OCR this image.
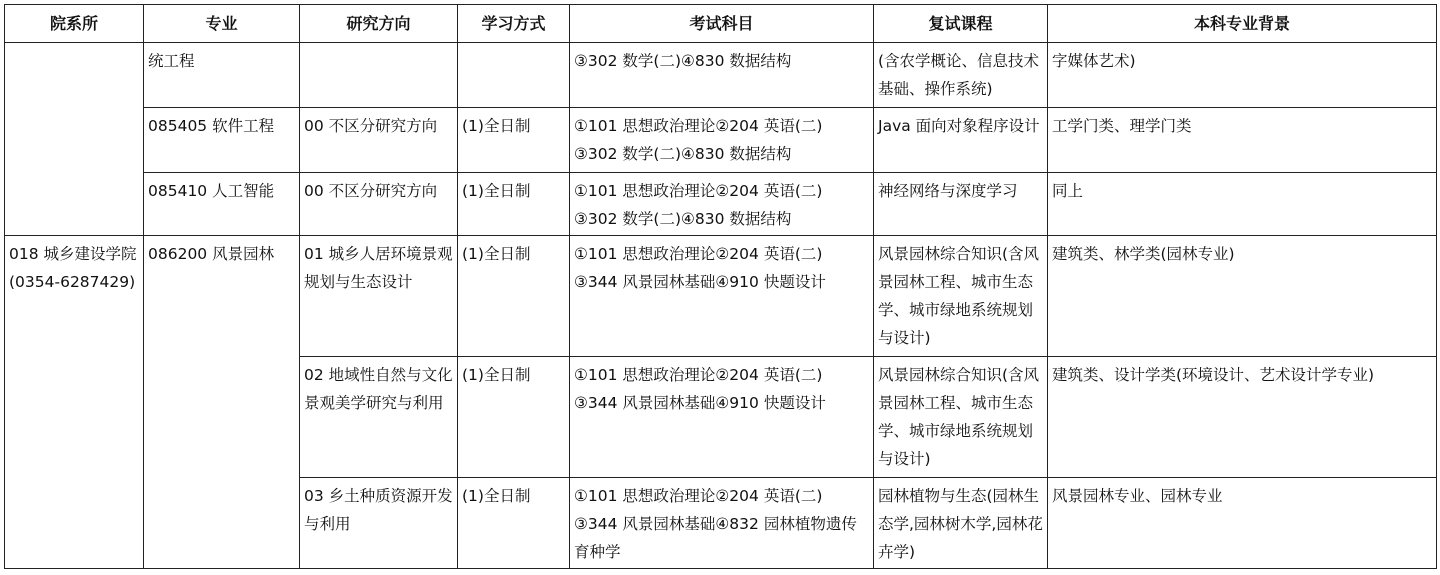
院系所	专业	研究方向	学习方式	考试科目	复试课程	本科专业背景

	统工程			③302 数学(二)④830 数据结构	(含农学概论、信息技术基础、操作系统)	字媒体艺术)

	085405 软件工程	00 不区分研究方向	(1)全日制	①101 思想政治理论②204 英语(二)
③302 数学(二)④830 数据结构	Java 面向对象程序设计	工学门类、理学门类

	085410 人工智能	00 不区分研究方向	(1)全日制	①101 思想政治理论②204 英语(二)
③302 数学(二)④830 数据结构	神经网络与深度学习	同上

018 城乡建设学院
(0354-6287429)	086200 风景园林	01 城乡人居环境景观规划与生态设计	(1)全日制	①101 思想政治理论②204 英语(二)
③344 风景园林基础④910 快题设计	风景园林综合知识(含风景园林工程、城市生态学、城市绿地系统规划与设计)	建筑类、林学类(园林专业)

		02 地域性自然与文化景观美学研究与利用	(1)全日制	①101 思想政治理论②204 英语(二)
③344 风景园林基础④910 快题设计	风景园林综合知识(含风景园林工程、城市生态学、城市绿地系统规划与设计)	建筑类、设计学类(环境设计、艺术设计学专业)

		03 乡土种质资源开发与利用	(1)全日制	①101 思想政治理论②204 英语(二)
③344 风景园林基础④832 园林植物遗传育种学	园林植物与生态(园林生态学,园林树木学,园林花卉学)	风景园林专业、园林专业
